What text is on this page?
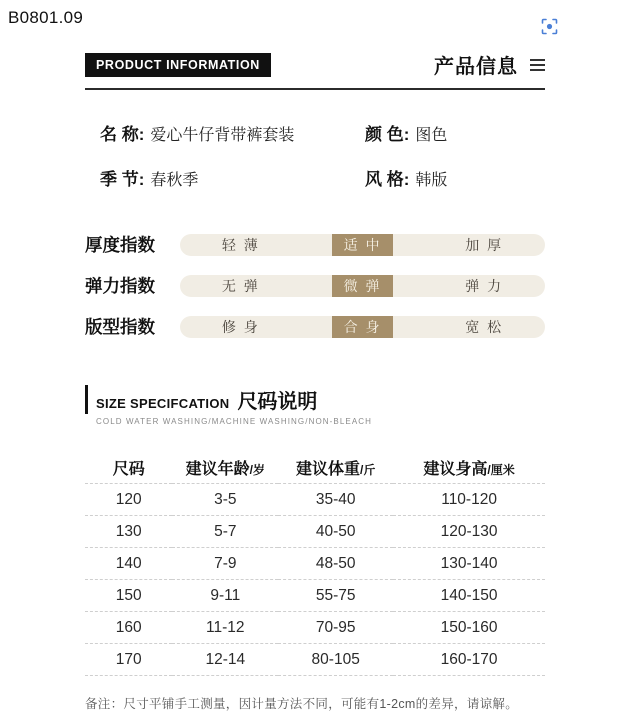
B0801.09
PRODUCT INFORMATION	产品信息
名 称: 爱心牛仔背带裤套装	颜 色: 图色
季 节: 春秋季	风 格: 韩版
厚度指数	轻 薄	适 中	加 厚
弹力指数	无 弹	微 弹	弹 力
版型指数	修 身	合 身	宽 松
SIZE SPECIFCATION 尺码说明
COLD WATER WASHING/MACHINE WASHING/NON-BLEACH
尺码	建议年龄/岁	建议体重/斤	建议身高/厘米
120	3-5	35-40	110-120
130	5-7	40-50	120-130
140	7-9	48-50	130-140
150	9-11	55-75	140-150
160	11-12	70-95	150-160
170	12-14	80-105	160-170
备注：尺寸平铺手工测量，因计量方法不同，可能有1-2cm的差异，请谅解。
